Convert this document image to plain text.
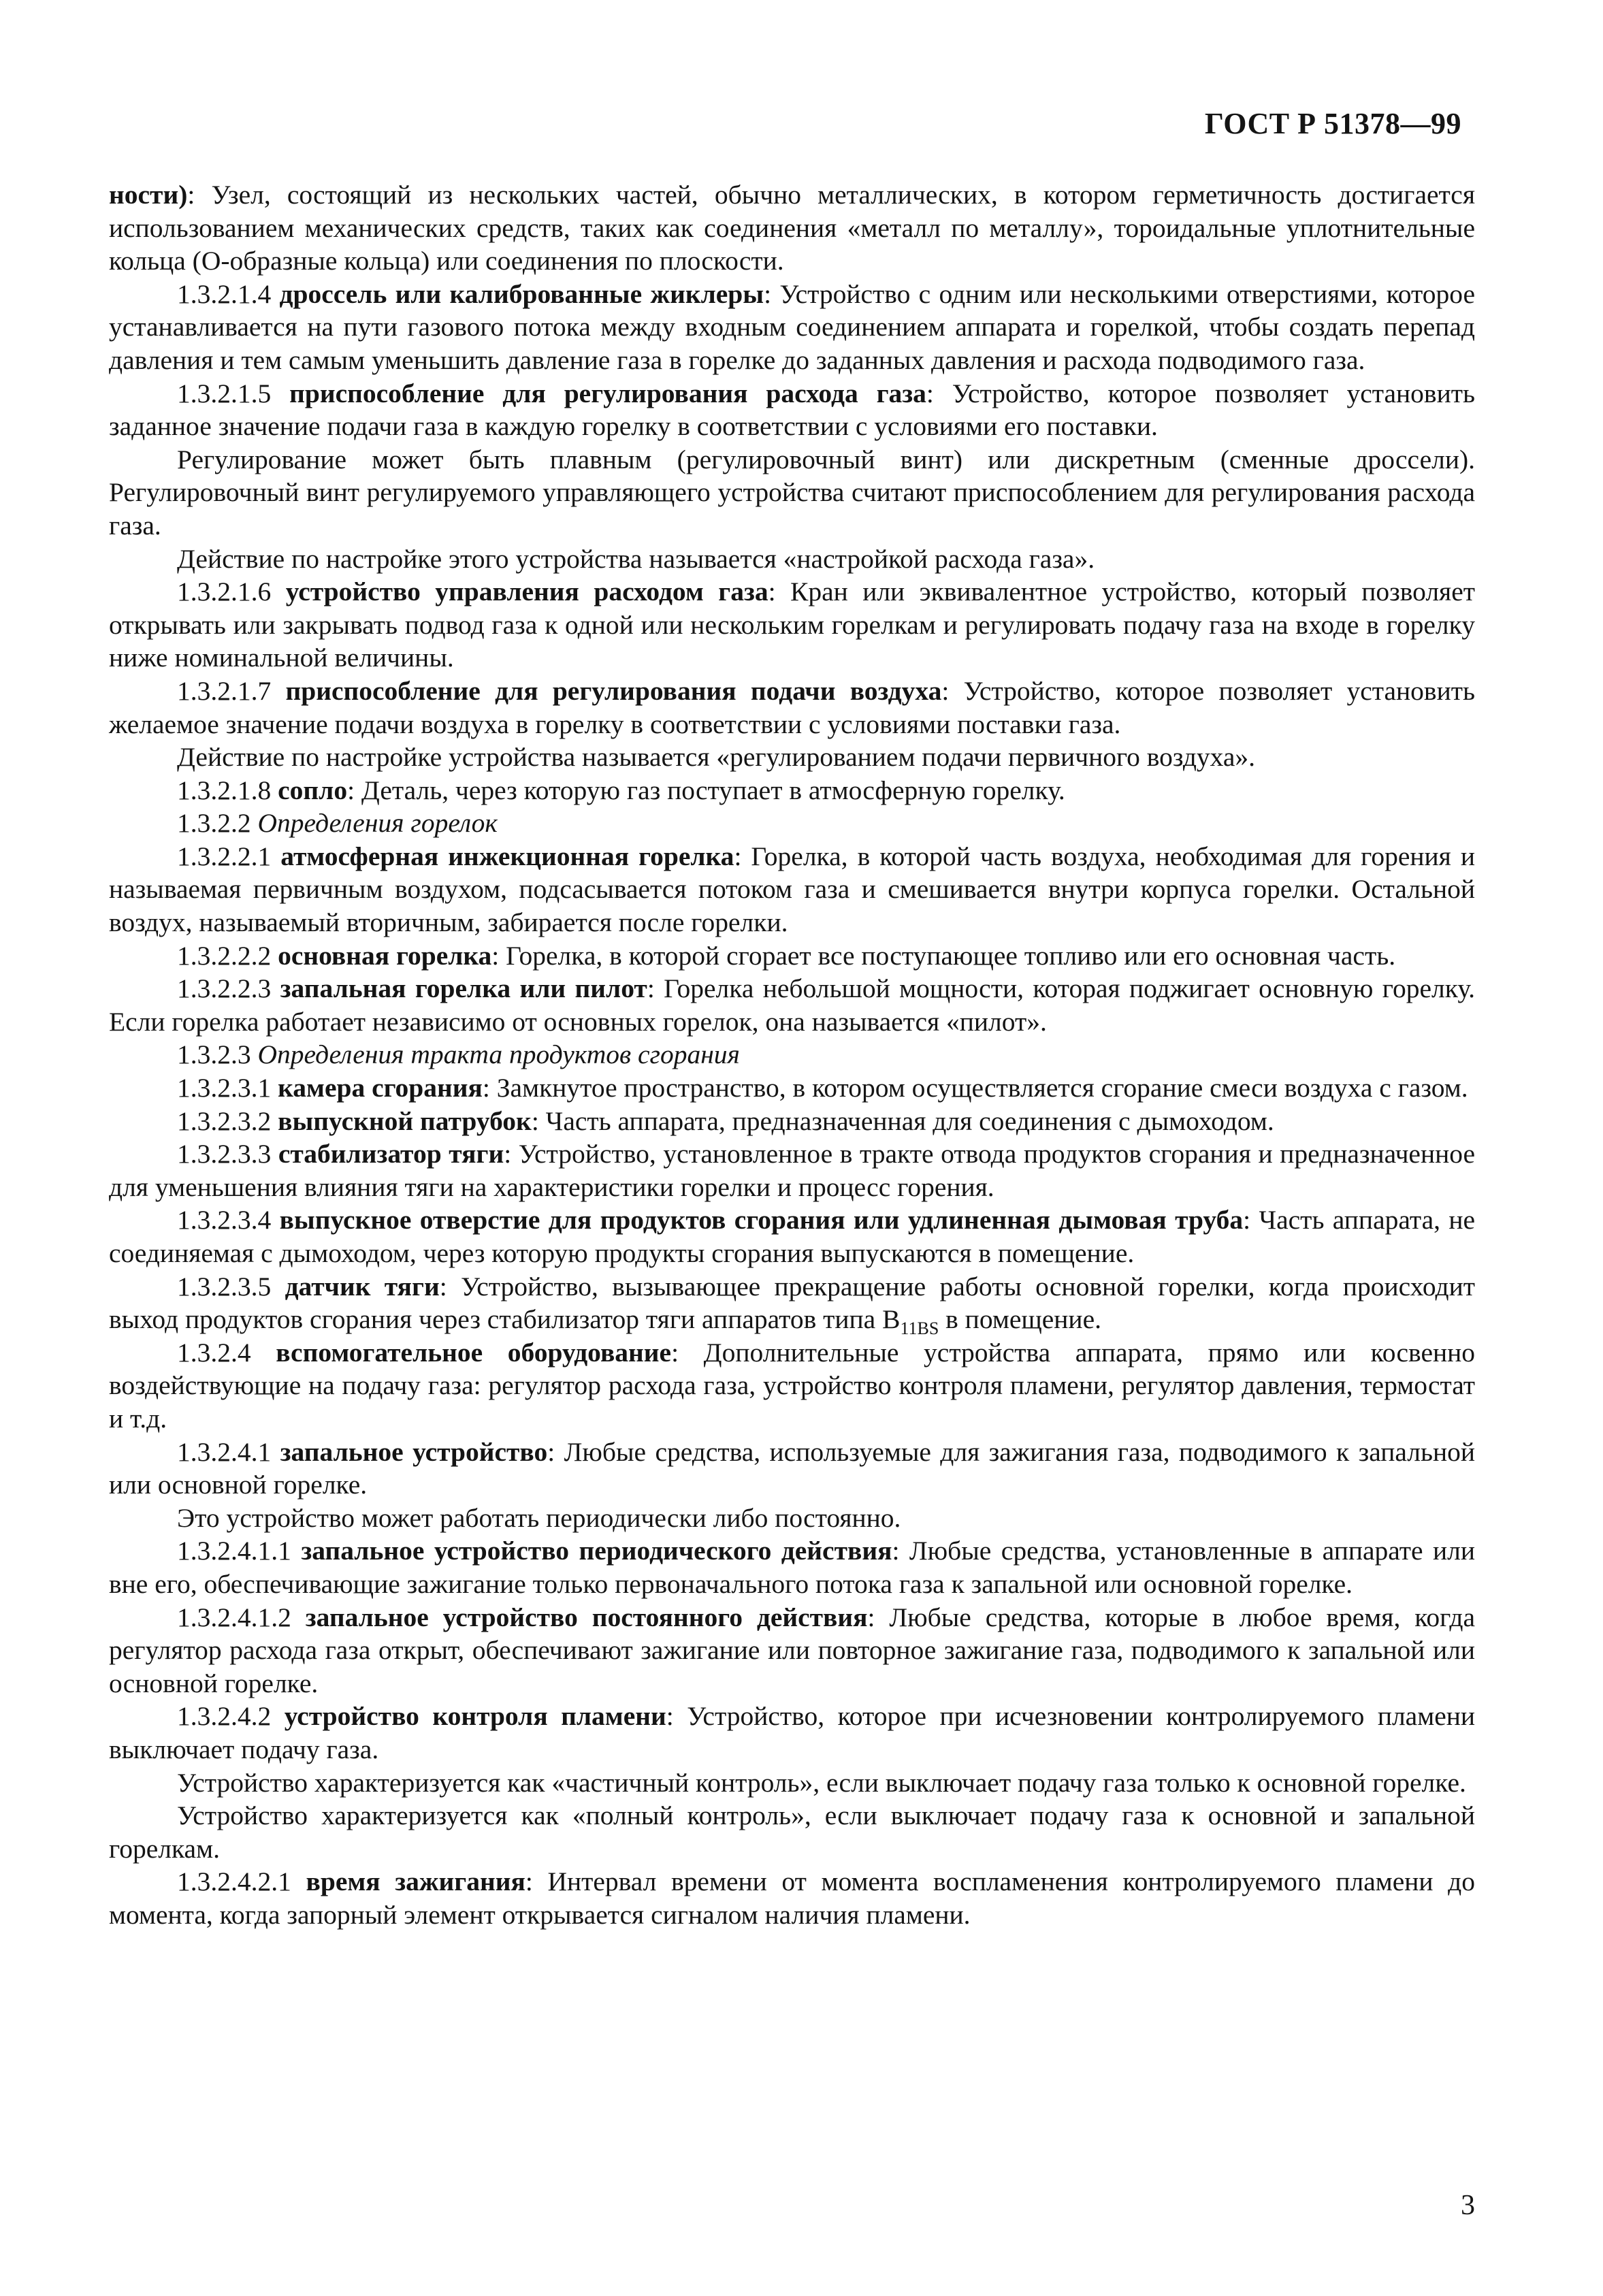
ГОСТ Р 51378—99

ности): Узел, состоящий из нескольких частей, обычно металлических, в котором герметичность достигается использованием механических средств, таких как соединения «металл по металлу», тороидальные уплотнительные кольца (О-образные кольца) или соединения по плоскости.

1.3.2.1.4 дроссель или калиброванные жиклеры: Устройство с одним или несколькими отверстиями, которое устанавливается на пути газового потока между входным соединением аппарата и горелкой, чтобы создать перепад давления и тем самым уменьшить давление газа в горелке до заданных давления и расхода подводимого газа.

1.3.2.1.5 приспособление для регулирования расхода газа: Устройство, которое позволяет установить заданное значение подачи газа в каждую горелку в соответствии с условиями его поставки.

Регулирование может быть плавным (регулировочный винт) или дискретным (сменные дроссели). Регулировочный винт регулируемого управляющего устройства считают приспособлением для регулирования расхода газа.

Действие по настройке этого устройства называется «настройкой расхода газа».

1.3.2.1.6 устройство управления расходом газа: Кран или эквивалентное устройство, который позволяет открывать или закрывать подвод газа к одной или нескольким горелкам и регулировать подачу газа на входе в горелку ниже номинальной величины.

1.3.2.1.7 приспособление для регулирования подачи воздуха: Устройство, которое позволяет установить желаемое значение подачи воздуха в горелку в соответствии с условиями поставки газа.

Действие по настройке устройства называется «регулированием подачи первичного воздуха».

1.3.2.1.8 сопло: Деталь, через которую газ поступает в атмосферную горелку.

1.3.2.2 Определения горелок

1.3.2.2.1 атмосферная инжекционная горелка: Горелка, в которой часть воздуха, необходимая для горения и называемая первичным воздухом, подсасывается потоком газа и смешивается внутри корпуса горелки. Остальной воздух, называемый вторичным, забирается после горелки.

1.3.2.2.2 основная горелка: Горелка, в которой сгорает все поступающее топливо или его основная часть.

1.3.2.2.3 запальная горелка или пилот: Горелка небольшой мощности, которая поджигает основную горелку. Если горелка работает независимо от основных горелок, она называется «пилот».

1.3.2.3 Определения тракта продуктов сгорания

1.3.2.3.1 камера сгорания: Замкнутое пространство, в котором осуществляется сгорание смеси воздуха с газом.

1.3.2.3.2 выпускной патрубок: Часть аппарата, предназначенная для соединения с дымоходом.

1.3.2.3.3 стабилизатор тяги: Устройство, установленное в тракте отвода продуктов сгорания и предназначенное для уменьшения влияния тяги на характеристики горелки и процесс горения.

1.3.2.3.4 выпускное отверстие для продуктов сгорания или удлиненная дымовая труба: Часть аппарата, не соединяемая с дымоходом, через которую продукты сгорания выпускаются в помещение.

1.3.2.3.5 датчик тяги: Устройство, вызывающее прекращение работы основной горелки, когда происходит выход продуктов сгорания через стабилизатор тяги аппаратов типа $B_{11BS}$ в помещение.

1.3.2.4 вспомогательное оборудование: Дополнительные устройства аппарата, прямо или косвенно воздействующие на подачу газа: регулятор расхода газа, устройство контроля пламени, регулятор давления, термостат и т.д.

1.3.2.4.1 запальное устройство: Любые средства, используемые для зажигания газа, подводимого к запальной или основной горелке.

Это устройство может работать периодически либо постоянно.

1.3.2.4.1.1 запальное устройство периодического действия: Любые средства, установленные в аппарате или вне его, обеспечивающие зажигание только первоначального потока газа к запальной или основной горелке.

1.3.2.4.1.2 запальное устройство постоянного действия: Любые средства, которые в любое время, когда регулятор расхода газа открыт, обеспечивают зажигание или повторное зажигание газа, подводимого к запальной или основной горелке.

1.3.2.4.2 устройство контроля пламени: Устройство, которое при исчезновении контролируемого пламени выключает подачу газа.

Устройство характеризуется как «частичный контроль», если выключает подачу газа только к основной горелке.

Устройство характеризуется как «полный контроль», если выключает подачу газа к основной и запальной горелкам.

1.3.2.4.2.1 время зажигания: Интервал времени от момента воспламенения контролируемого пламени до момента, когда запорный элемент открывается сигналом наличия пламени.

3
